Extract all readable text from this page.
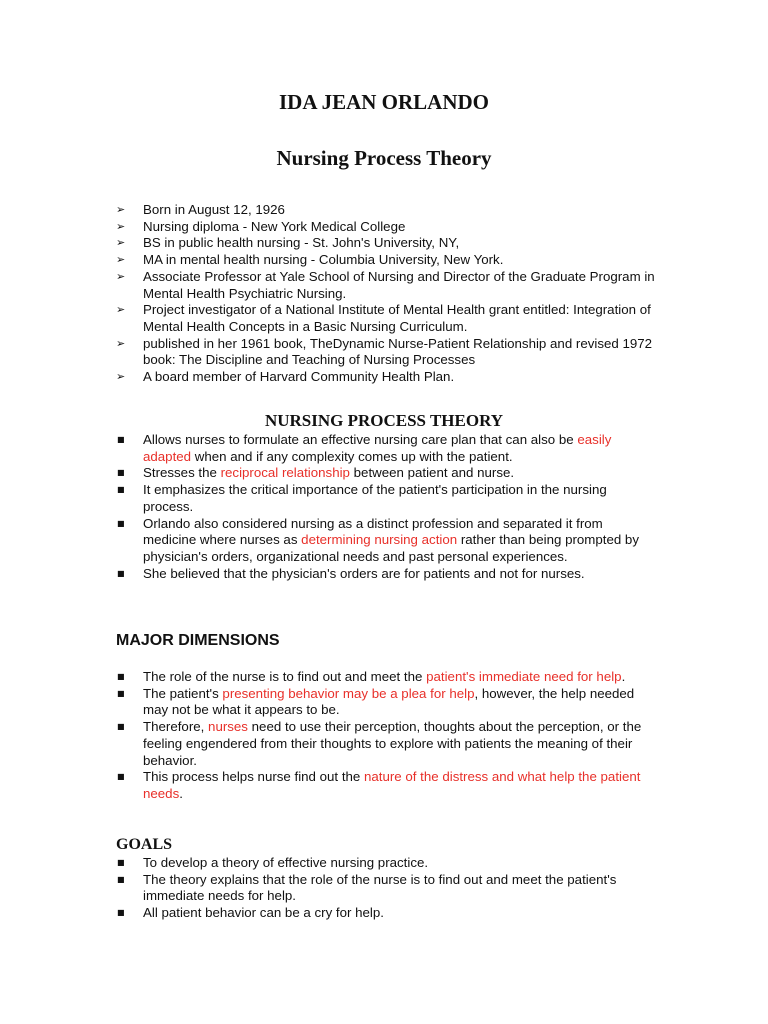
IDA JEAN ORLANDO
Nursing Process Theory
➢	Born in August 12, 1926
➢	Nursing diploma - New York Medical College
➢	BS in public health nursing - St. John's University, NY,
➢	MA in mental health nursing - Columbia University, New York.
➢	Associate Professor at Yale School of Nursing and Director of the Graduate Program in Mental Health Psychiatric Nursing.
➢	Project investigator of a National Institute of Mental Health grant entitled: Integration of Mental Health Concepts in a Basic Nursing Curriculum.
➢	published in her 1961 book, TheDynamic Nurse-Patient Relationship and revised 1972 book: The Discipline and Teaching of Nursing Processes
➢	A board member of Harvard Community Health Plan.
NURSING PROCESS THEORY
■	Allows nurses to formulate an effective nursing care plan that can also be easily adapted when and if any complexity comes up with the patient.
■	Stresses the reciprocal relationship between patient and nurse.
■	It emphasizes the critical importance of the patient's participation in the nursing process.
■	Orlando also considered nursing as a distinct profession and separated it from medicine where nurses as determining nursing action rather than being prompted by physician's orders, organizational needs and past personal experiences.
■	She believed that the physician's orders are for patients and not for nurses.
MAJOR DIMENSIONS
■	The role of the nurse is to find out and meet the patient's immediate need for help.
■	The patient's presenting behavior may be a plea for help, however, the help needed may not be what it appears to be.
■	Therefore, nurses need to use their perception, thoughts about the perception, or the feeling engendered from their thoughts to explore with patients the meaning of their behavior.
■	This process helps nurse find out the nature of the distress and what help the patient needs.
GOALS
■	To develop a theory of effective nursing practice.
■	The theory explains that the role of the nurse is to find out and meet the patient's immediate needs for help.
■	All patient behavior can be a cry for help.
